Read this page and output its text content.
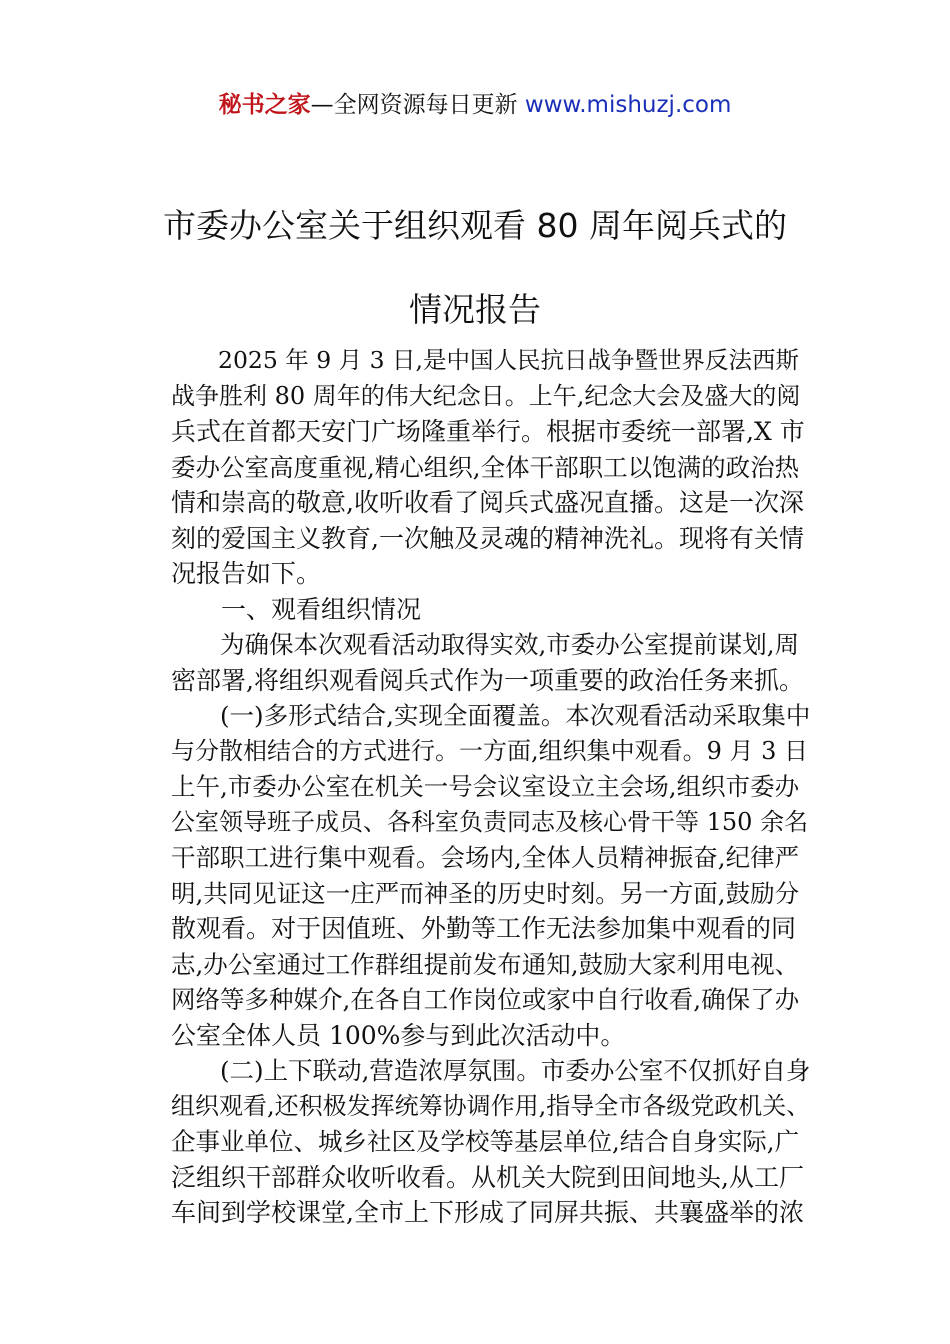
秘书之家—全网资源每日更新 www.mishuzj.com
市委办公室关于组织观看 80 周年阅兵式的
情况报告
　　2025 年 9 月 3 日,是中国人民抗日战争暨世界反法西斯
战争胜利 80 周年的伟大纪念日。上午,纪念大会及盛大的阅
兵式在首都天安门广场隆重举行。根据市委统一部署,X 市
委办公室高度重视,精心组织,全体干部职工以饱满的政治热
情和崇高的敬意,收听收看了阅兵式盛况直播。这是一次深
刻的爱国主义教育,一次触及灵魂的精神洗礼。现将有关情
况报告如下。
　　一、观看组织情况
　　为确保本次观看活动取得实效,市委办公室提前谋划,周
密部署,将组织观看阅兵式作为一项重要的政治任务来抓。
　　(一)多形式结合,实现全面覆盖。本次观看活动采取集中
与分散相结合的方式进行。一方面,组织集中观看。9 月 3 日
上午,市委办公室在机关一号会议室设立主会场,组织市委办
公室领导班子成员、各科室负责同志及核心骨干等 150 余名
干部职工进行集中观看。会场内,全体人员精神振奋,纪律严
明,共同见证这一庄严而神圣的历史时刻。另一方面,鼓励分
散观看。对于因值班、外勤等工作无法参加集中观看的同
志,办公室通过工作群组提前发布通知,鼓励大家利用电视、
网络等多种媒介,在各自工作岗位或家中自行收看,确保了办
公室全体人员 100%参与到此次活动中。
　　(二)上下联动,营造浓厚氛围。市委办公室不仅抓好自身
组织观看,还积极发挥统筹协调作用,指导全市各级党政机关、
企事业单位、城乡社区及学校等基层单位,结合自身实际,广
泛组织干部群众收听收看。从机关大院到田间地头,从工厂
车间到学校课堂,全市上下形成了同屏共振、共襄盛举的浓
